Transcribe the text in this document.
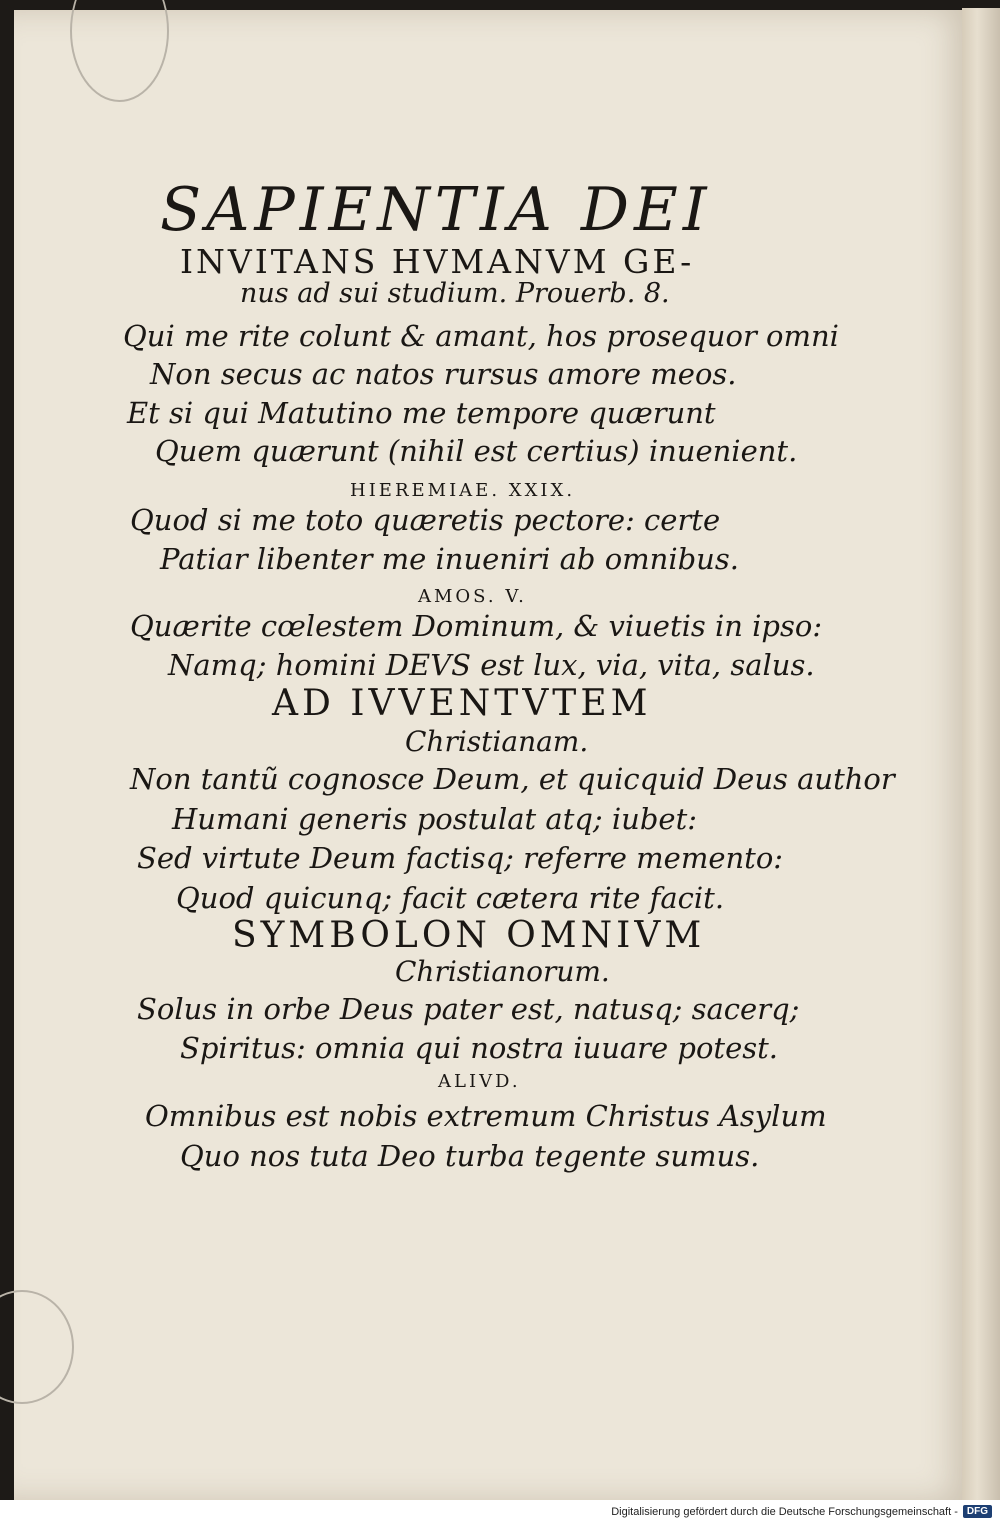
SAPIENTIA DEI
INVITANS HVMANVM GE-
nus ad sui studium. Prouerb. 8.
Qui me rite colunt & amant, hos prosequor omni
Non secus ac natos rursus amore meos.
Et si qui Matutino me tempore quærunt
Quem quærunt (nihil est certius) inuenient.
HIEREMIAE. XXIX.
Quod si me toto quæretis pectore: certe
Patiar libenter me inueniri ab omnibus.
AMOS. V.
Quærite cœlestem Dominum, & viuetis in ipso:
Namq; homini DEVS est lux, via, vita, salus.
AD IVVENTVTEM
Christianam.
Non tantũ cognosce Deum, et quicquid Deus author
Humani generis postulat atq; iubet:
Sed virtute Deum factisq; referre memento:
Quod quicunq; facit cætera rite facit.
SYMBOLON OMNIVM
Christianorum.
Solus in orbe Deus pater est, natusq; sacerq;
Spiritus: omnia qui nostra iuuare potest.
ALIVD.
Omnibus est nobis extremum Christus Asylum
Quo nos tuta Deo turba tegente sumus.
Digitalisierung gefördert durch die Deutsche Forschungsgemeinschaft - DFG
